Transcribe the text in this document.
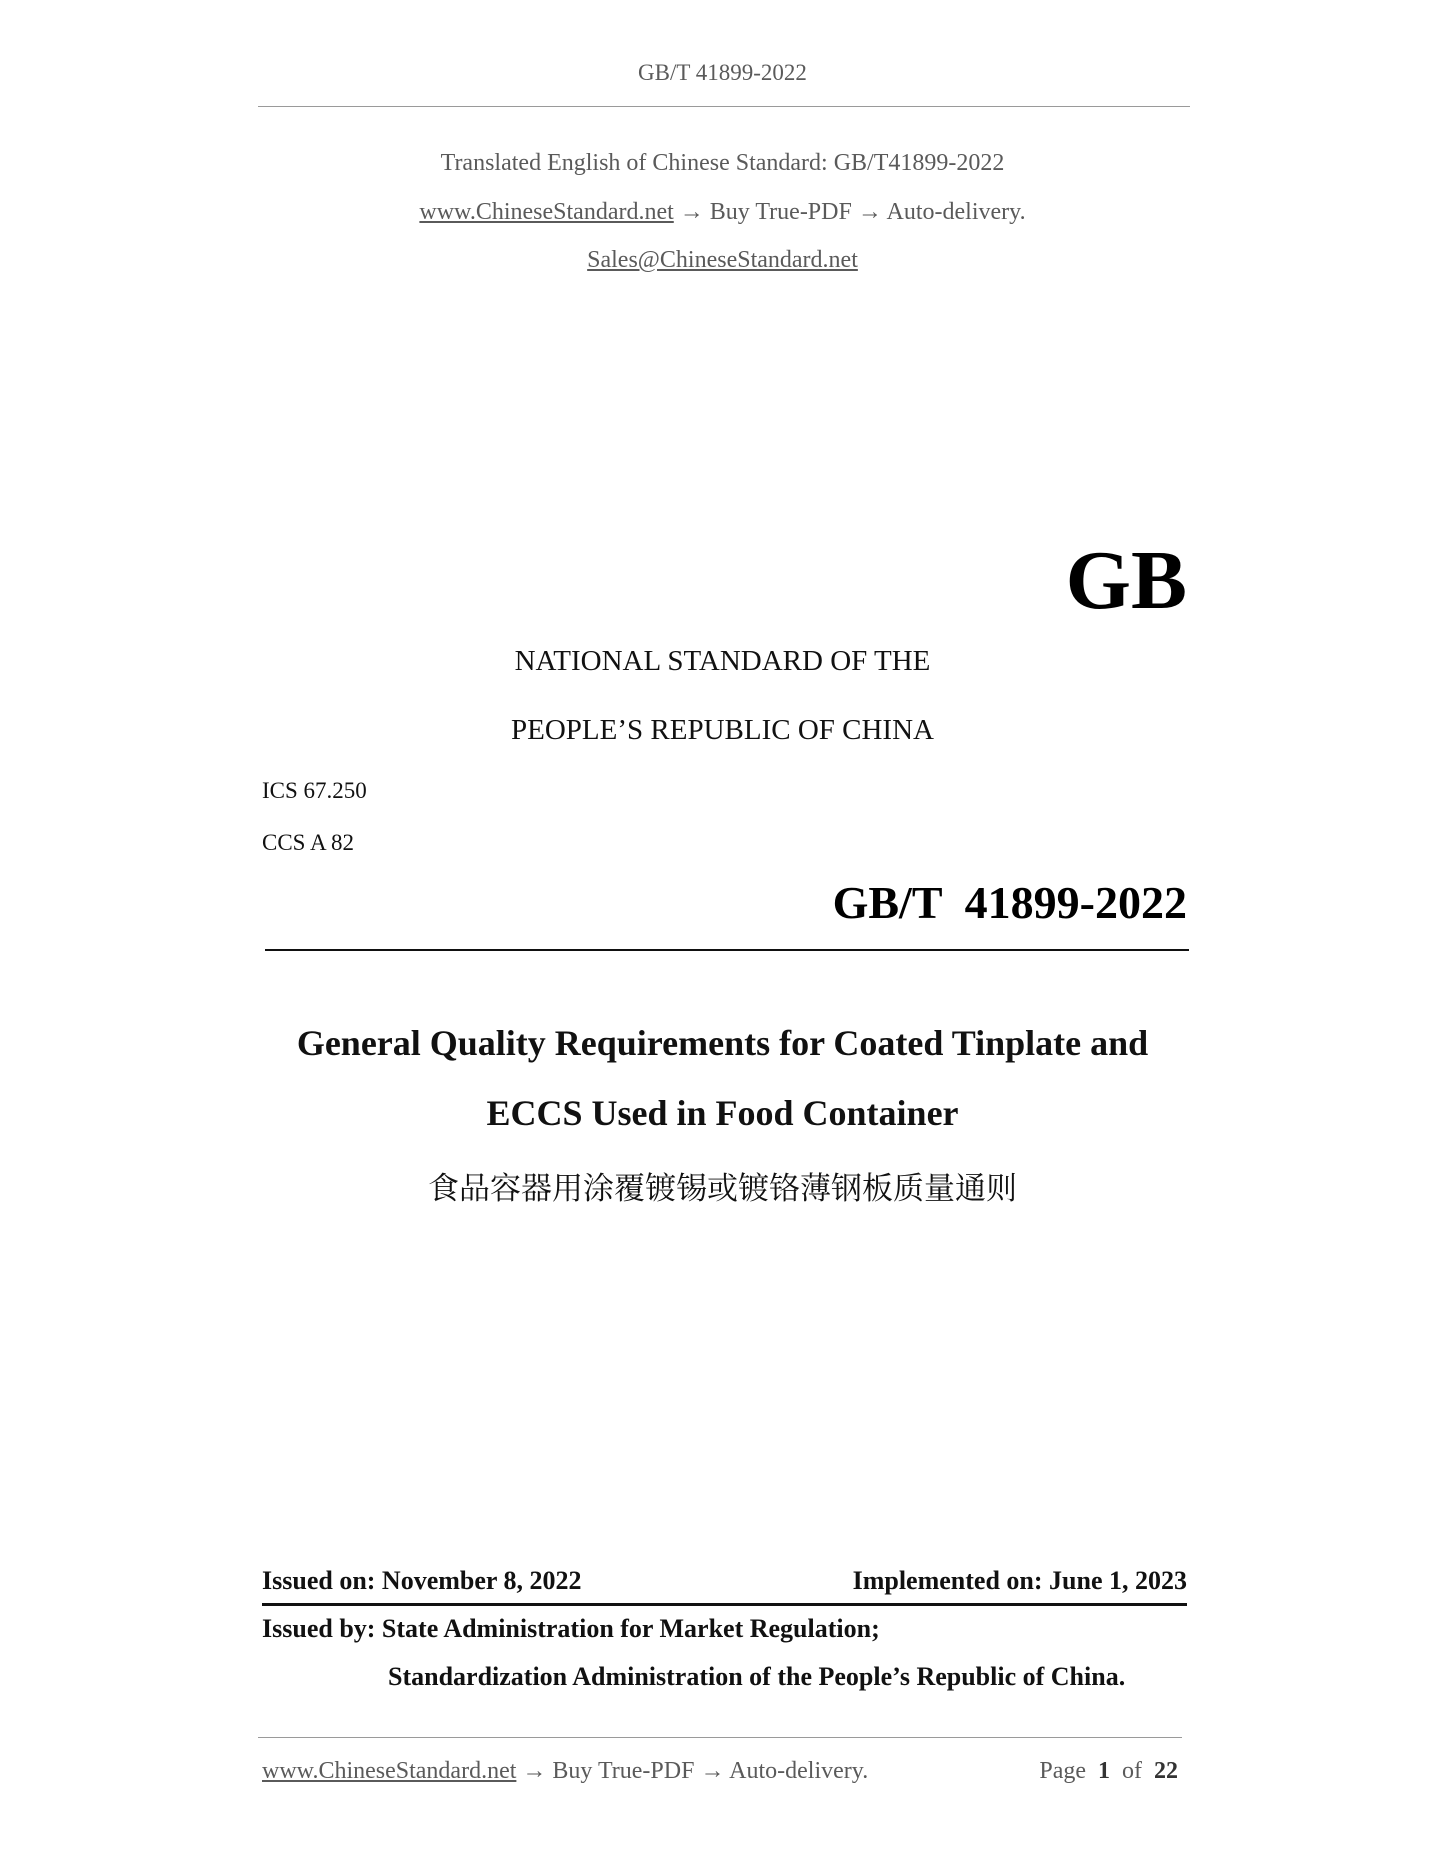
GB/T 41899-2022
Translated English of Chinese Standard: GB/T41899-2022
www.ChineseStandard.net → Buy True-PDF → Auto-delivery.
Sales@ChineseStandard.net
GB
NATIONAL STANDARD OF THE
PEOPLE’S REPUBLIC OF CHINA
ICS 67.250
CCS A 82
GB/T  41899-2022
General Quality Requirements for Coated Tinplate and
ECCS Used in Food Container
食品容器用涂覆镀锡或镀铬薄钢板质量通则
Issued on: November 8, 2022	Implemented on: June 1, 2023
Issued by: State Administration for Market Regulation;
Standardization Administration of the People’s Republic of China.
www.ChineseStandard.net → Buy True-PDF → Auto-delivery.	Page 1 of 22
